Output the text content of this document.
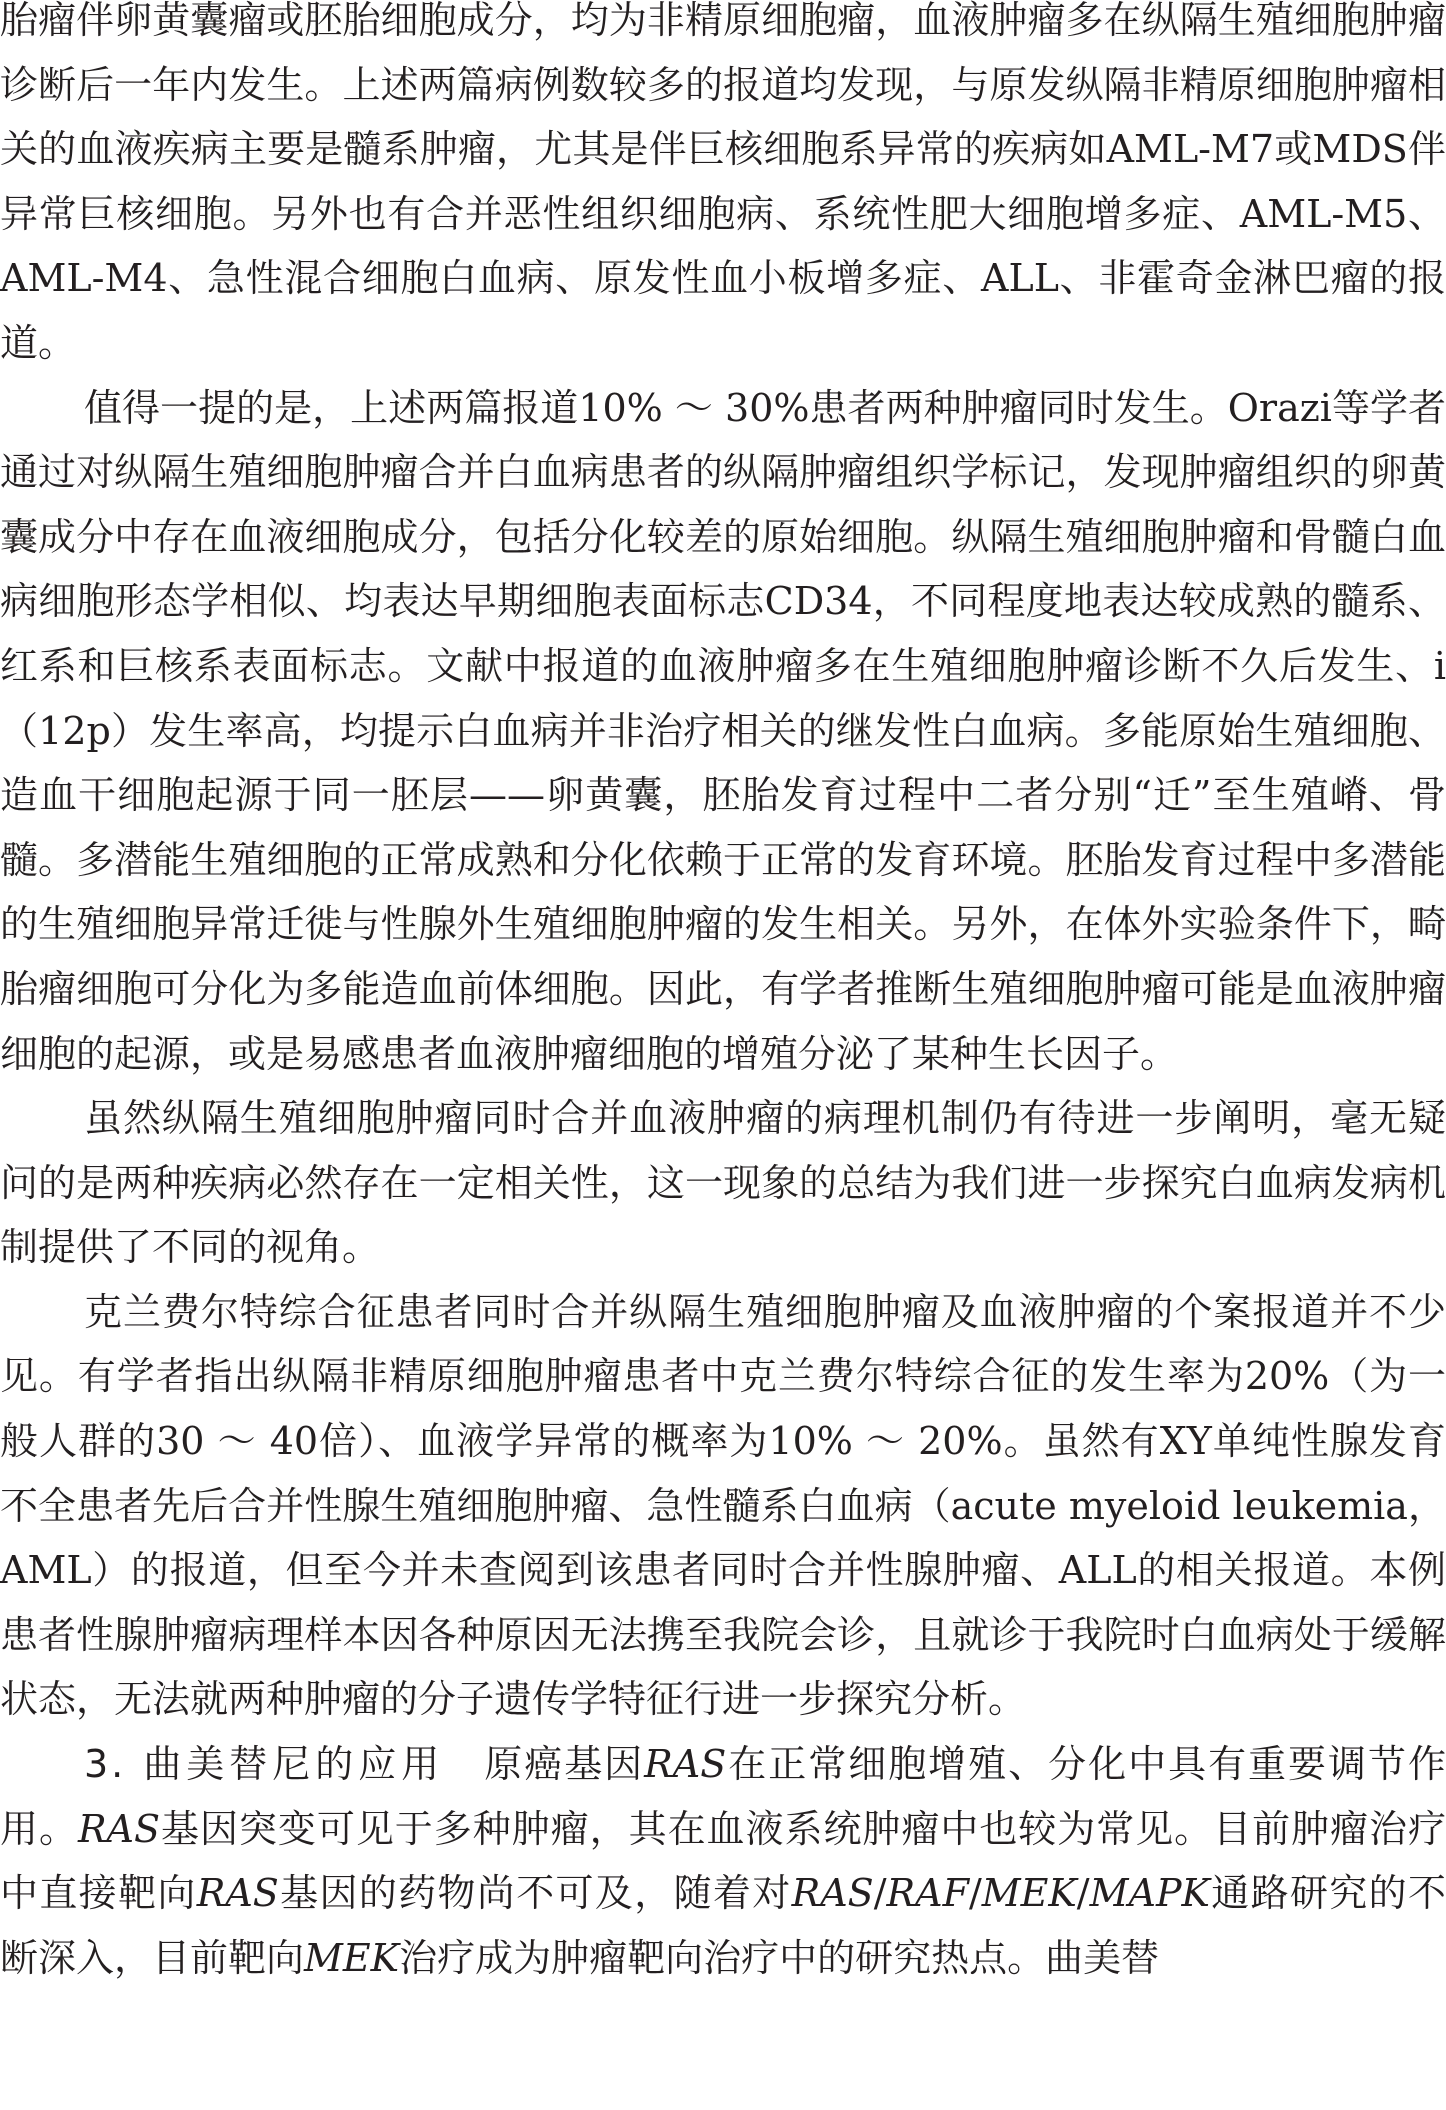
胎瘤伴卵黄囊瘤或胚胎细胞成分，均为非精原细胞瘤，血液肿瘤多在纵隔生殖细胞肿瘤诊断后一年内发生。上述两篇病例数较多的报道均发现，与原发纵隔非精原细胞肿瘤相关的血液疾病主要是髓系肿瘤，尤其是伴巨核细胞系异常的疾病如AML-M7或MDS伴异常巨核细胞。另外也有合并恶性组织细胞病、系统性肥大细胞增多症、AML-M5、AML-M4、急性混合细胞白血病、原发性血小板增多症、ALL、非霍奇金淋巴瘤的报道。

值得一提的是，上述两篇报道10% ～ 30%患者两种肿瘤同时发生。Orazi等学者通过对纵隔生殖细胞肿瘤合并白血病患者的纵隔肿瘤组织学标记，发现肿瘤组织的卵黄囊成分中存在血液细胞成分，包括分化较差的原始细胞。纵隔生殖细胞肿瘤和骨髓白血病细胞形态学相似、均表达早期细胞表面标志CD34，不同程度地表达较成熟的髓系、红系和巨核系表面标志。文献中报道的血液肿瘤多在生殖细胞肿瘤诊断不久后发生、i（12p）发生率高，均提示白血病并非治疗相关的继发性白血病。多能原始生殖细胞、造血干细胞起源于同一胚层——卵黄囊，胚胎发育过程中二者分别“迁”至生殖嵴、骨髓。多潜能生殖细胞的正常成熟和分化依赖于正常的发育环境。胚胎发育过程中多潜能的生殖细胞异常迁徙与性腺外生殖细胞肿瘤的发生相关。另外，在体外实验条件下，畸胎瘤细胞可分化为多能造血前体细胞。因此，有学者推断生殖细胞肿瘤可能是血液肿瘤细胞的起源，或是易感患者血液肿瘤细胞的增殖分泌了某种生长因子。

虽然纵隔生殖细胞肿瘤同时合并血液肿瘤的病理机制仍有待进一步阐明，毫无疑问的是两种疾病必然存在一定相关性，这一现象的总结为我们进一步探究白血病发病机制提供了不同的视角。

克兰费尔特综合征患者同时合并纵隔生殖细胞肿瘤及血液肿瘤的个案报道并不少见。有学者指出纵隔非精原细胞肿瘤患者中克兰费尔特综合征的发生率为20%（为一般人群的30 ～ 40倍）、血液学异常的概率为10% ～ 20%。虽然有XY单纯性腺发育不全患者先后合并性腺生殖细胞肿瘤、急性髓系白血病（acute myeloid leukemia，AML）的报道，但至今并未查阅到该患者同时合并性腺肿瘤、ALL的相关报道。本例患者性腺肿瘤病理样本因各种原因无法携至我院会诊，且就诊于我院时白血病处于缓解状态，无法就两种肿瘤的分子遗传学特征行进一步探究分析。

3. 曲美替尼的应用　 原癌基因RAS在正常细胞增殖、分化中具有重要调节作用。RAS基因突变可见于多种肿瘤，其在血液系统肿瘤中也较为常见。目前肿瘤治疗中直接靶向RAS基因的药物尚不可及，随着对RAS/RAF/MEK/MAPK通路研究的不断深入，目前靶向MEK治疗成为肿瘤靶向治疗中的研究热点。曲美替
